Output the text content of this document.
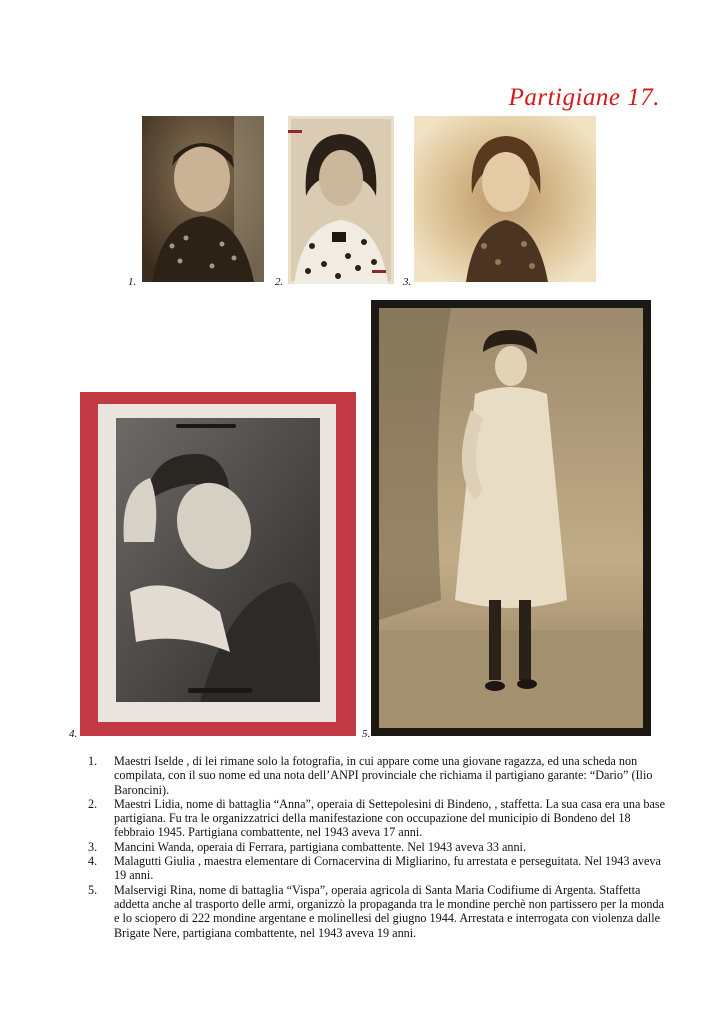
Partigiane 17.
1.	2.	3.
4.	5.
1. Maestri Iselde , di lei rimane solo la fotografia, in cui appare come una giovane ragazza, ed una scheda non compilata, con il suo nome ed una nota dell’ANPI provinciale che richiama il partigiano garante: “Dario” (Ilio Baroncini).
2. Maestri Lidia, nome di battaglia “Anna”, operaia di Settepolesini di Bindeno, , staffetta. La sua casa era una base partigiana. Fu tra le organizzatrici della manifestazione con occupazione del municipio di Bondeno del 18 febbraio 1945. Partigiana combattente, nel 1943 aveva 17 anni.
3. Mancini Wanda, operaia di Ferrara, partigiana combattente. Nel 1943 aveva 33 anni.
4. Malagutti Giulia , maestra elementare di Cornacervina di Migliarino, fu arrestata e perseguitata. Nel 1943 aveva 19 anni.
5. Malservigi Rina, nome di battaglia “Vispa”, operaia agricola di Santa Maria Codifiume di Argenta. Staffetta addetta anche al trasporto delle armi, organizzò la propaganda tra le mondine perchè non partissero per la monda e lo sciopero di 222 mondine argentane e molinellesi del giugno 1944. Arrestata e interrogata con violenza dalle Brigate Nere, partigiana combattente, nel 1943 aveva 19 anni.
